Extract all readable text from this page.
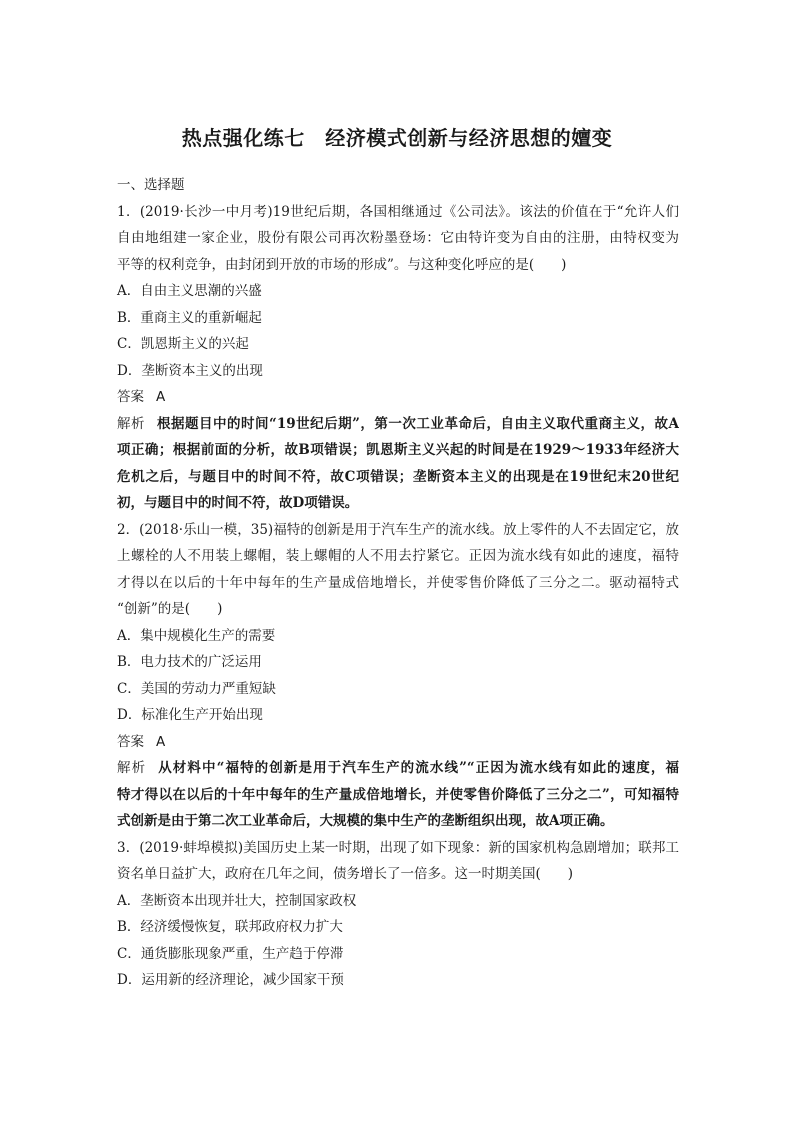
热点强化练七　经济模式创新与经济思想的嬗变
一、选择题
1．(2019·长沙一中月考)19世纪后期，各国相继通过《公司法》。该法的价值在于“允许人们
自由地组建一家企业，股份有限公司再次粉墨登场：它由特许变为自由的注册，由特权变为
平等的权利竞争，由封闭到开放的市场的形成”。与这种变化呼应的是(　　)
A．自由主义思潮的兴盛
B．重商主义的重新崛起
C．凯恩斯主义的兴起
D．垄断资本主义的出现
答案 A
解析 根据题目中的时间“19世纪后期”，第一次工业革命后，自由主义取代重商主义，故A
项正确；根据前面的分析，故B项错误；凯恩斯主义兴起的时间是在1929～1933年经济大
危机之后，与题目中的时间不符，故C项错误；垄断资本主义的出现是在19世纪末20世纪
初，与题目中的时间不符，故D项错误。
2．(2018·乐山一模，35)福特的创新是用于汽车生产的流水线。放上零件的人不去固定它，放
上螺栓的人不用装上螺帽，装上螺帽的人不用去拧紧它。正因为流水线有如此的速度，福特
才得以在以后的十年中每年的生产量成倍地增长，并使零售价降低了三分之二。驱动福特式
“创新”的是(　　)
A．集中规模化生产的需要
B．电力技术的广泛运用
C．美国的劳动力严重短缺
D．标准化生产开始出现
答案 A
解析 从材料中“福特的创新是用于汽车生产的流水线”“正因为流水线有如此的速度，福
特才得以在以后的十年中每年的生产量成倍地增长，并使零售价降低了三分之二”，可知福特
式创新是由于第二次工业革命后，大规模的集中生产的垄断组织出现，故A项正确。
3．(2019·蚌埠模拟)美国历史上某一时期，出现了如下现象：新的国家机构急剧增加；联邦工
资名单日益扩大，政府在几年之间，债务增长了一倍多。这一时期美国(　　)
A．垄断资本出现并壮大，控制国家政权
B．经济缓慢恢复，联邦政府权力扩大
C．通货膨胀现象严重，生产趋于停滞
D．运用新的经济理论，减少国家干预
